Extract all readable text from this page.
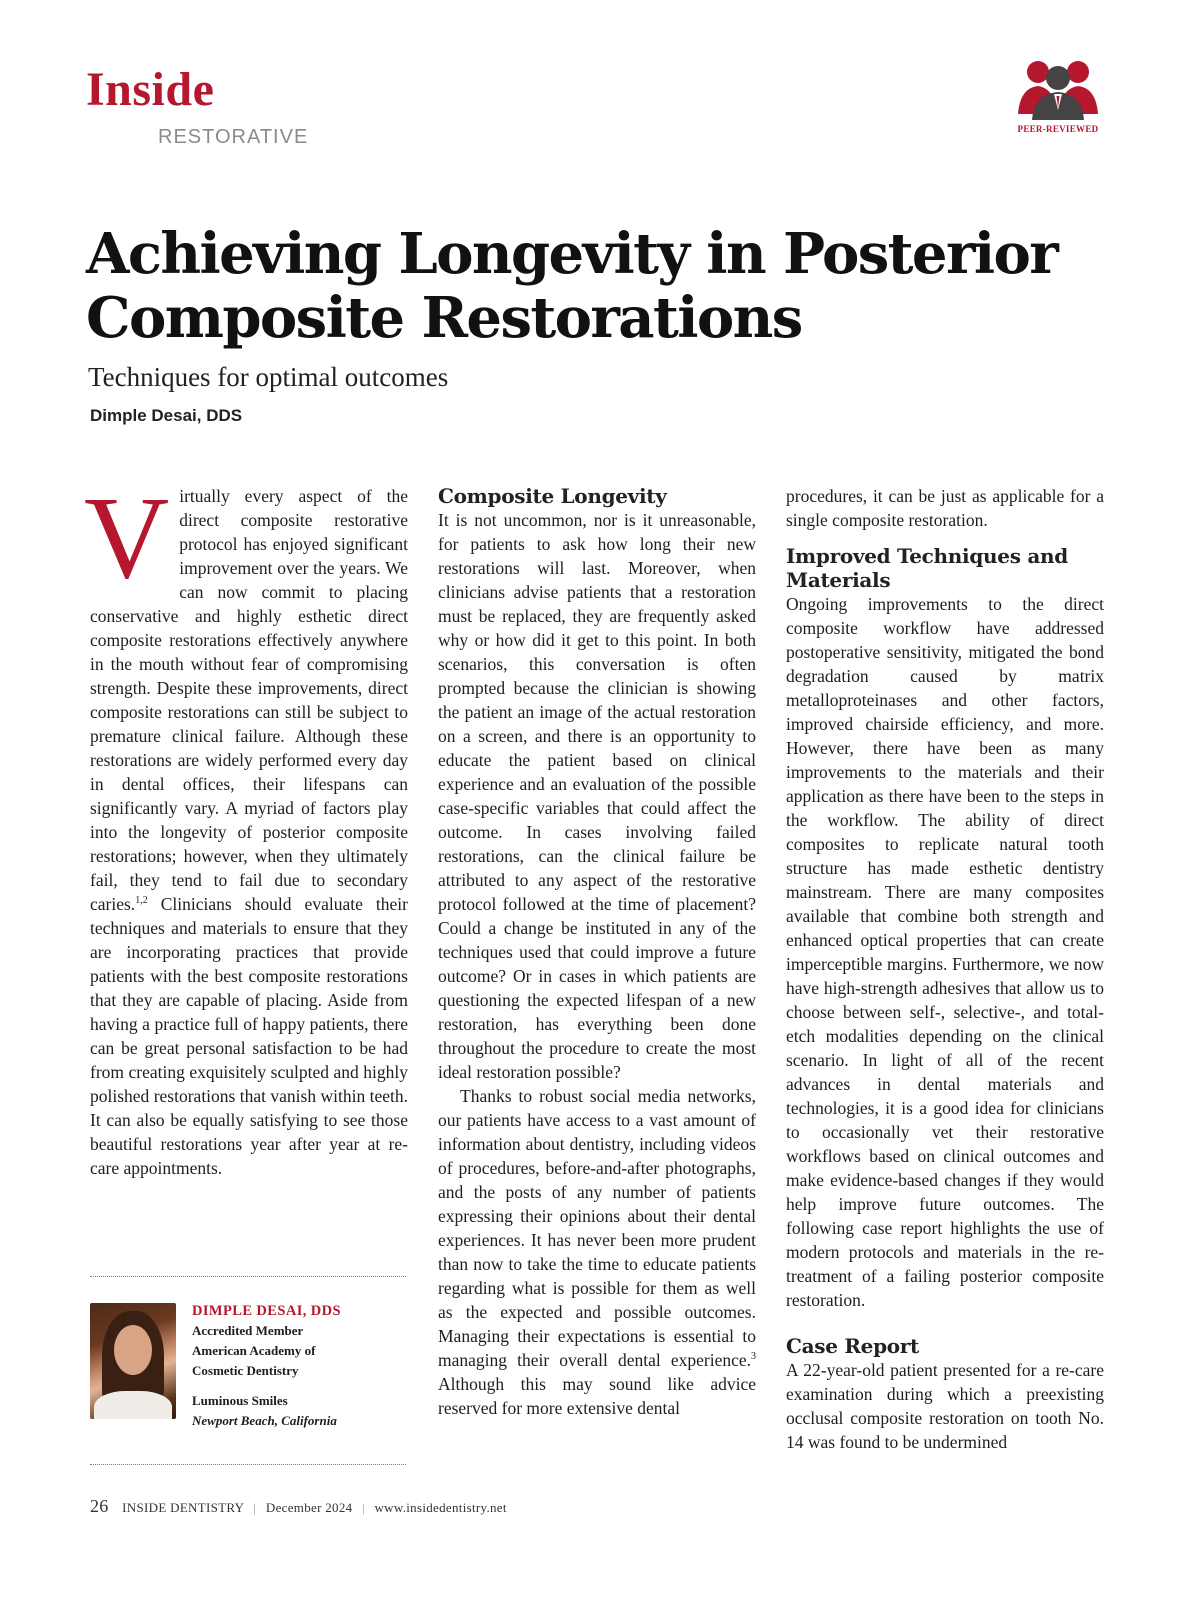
Inside
RESTORATIVE	PEER-REVIEWED
Achieving Longevity in Posterior
Composite Restorations
Techniques for optimal outcomes
Dimple Desai, DDS
V irtually every aspect of the direct composite restorative protocol has enjoyed significant improvement over the years. We can now commit to placing conservative and highly esthetic direct composite restorations effectively anywhere in the mouth without fear of compromising strength. Despite these improvements, direct composite restorations can still be subject to premature clinical failure. Although these restorations are widely performed every day in dental offices, their lifespans can significantly vary. A myriad of factors play into the longevity of posterior composite restorations; however, when they ultimately fail, they tend to fail due to secondary caries.$^{1,2}$ Clinicians should evaluate their techniques and materials to ensure that they are incorporating practices that provide patients with the best composite restorations that they are capable of placing. Aside from having a practice full of happy patients, there can be great personal satisfaction to be had from creating exquisitely sculpted and highly polished restorations that vanish within teeth. It can also be equally satisfying to see those beautiful restorations year after year at re-care appointments.

DIMPLE DESAI, DDS
Accredited Member
American Academy of
Cosmetic Dentistry
Luminous Smiles
Newport Beach, California
Composite Longevity

It is not uncommon, nor is it unreasonable, for patients to ask how long their new restorations will last. Moreover, when clinicians advise patients that a restoration must be replaced, they are frequently asked why or how did it get to this point. In both scenarios, this conversation is often prompted because the clinician is showing the patient an image of the actual restoration on a screen, and there is an opportunity to educate the patient based on clinical experience and an evaluation of the possible case-specific variables that could affect the outcome. In cases involving failed restorations, can the clinical failure be attributed to any aspect of the restorative protocol followed at the time of placement? Could a change be instituted in any of the techniques used that could improve a future outcome? Or in cases in which patients are questioning the expected lifespan of a new restoration, has everything been done throughout the procedure to create the most ideal restoration possible?

Thanks to robust social media networks, our patients have access to a vast amount of information about dentistry, including videos of procedures, before-and-after photographs, and the posts of any number of patients expressing their opinions about their dental experiences. It has never been more prudent than now to take the time to educate patients regarding what is possible for them as well as the expected and possible outcomes. Managing their expectations is essential to managing their overall dental experience.$^3$ Although this may sound like advice reserved for more extensive dental

procedures, it can be just as applicable for a single composite restoration.

Improved Techniques and Materials

Ongoing improvements to the direct composite workflow have addressed postoperative sensitivity, mitigated the bond degradation caused by matrix metalloproteinases and other factors, improved chairside efficiency, and more. However, there have been as many improvements to the materials and their application as there have been to the steps in the workflow. The ability of direct composites to replicate natural tooth structure has made esthetic dentistry mainstream. There are many composites available that combine both strength and enhanced optical properties that can create imperceptible margins. Furthermore, we now have high-strength adhesives that allow us to choose between self-, selective-, and total-etch modalities depending on the clinical scenario. In light of all of the recent advances in dental materials and technologies, it is a good idea for clinicians to occasionally vet their restorative workflows based on clinical outcomes and make evidence-based changes if they would help improve future outcomes. The following case report highlights the use of modern protocols and materials in the re-treatment of a failing posterior composite restoration.

Case Report

A 22-year-old patient presented for a re-care examination during which a preexisting occlusal composite restoration on tooth No. 14 was found to be undermined

26 INSIDE DENTISTRY | December 2024 | www.insidedentistry.net
